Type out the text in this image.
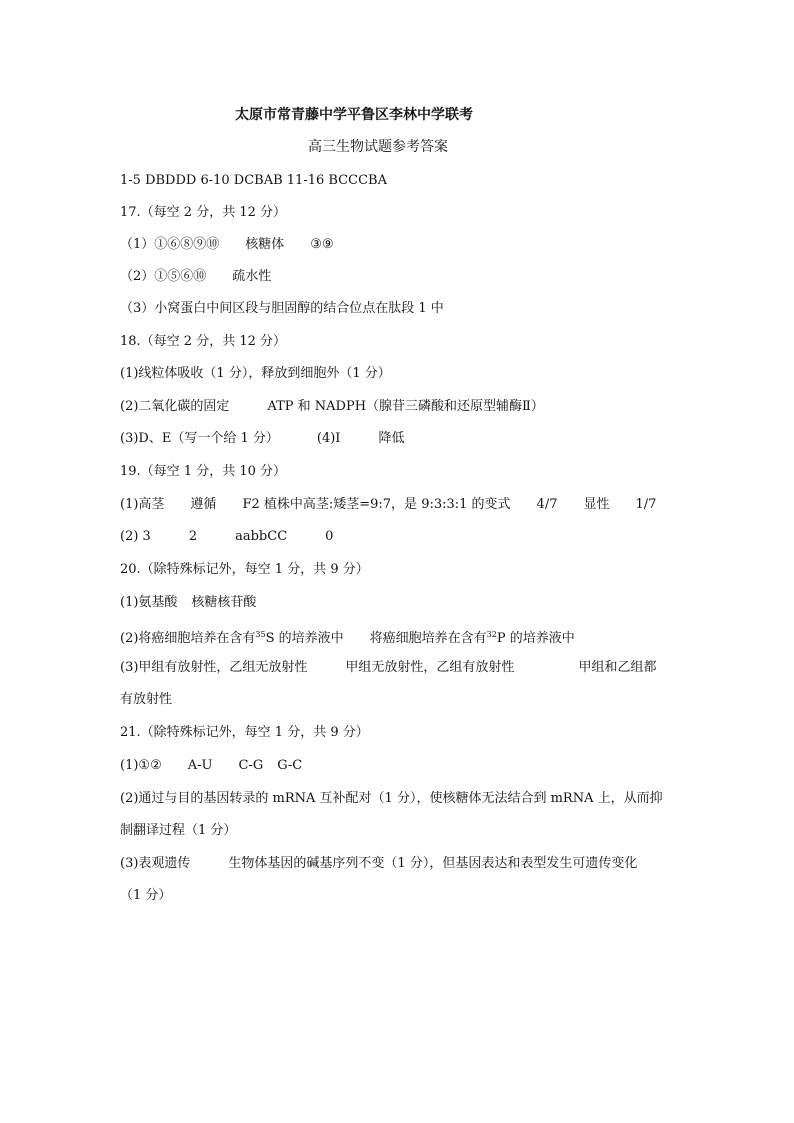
太原市常青藤中学平鲁区李林中学联考
高三生物试题参考答案
1-5 DBDDD 6-10 DCBAB 11-16 BCCCBA
17.（每空 2 分，共 12 分）
（1）①⑥⑧⑨⑩ 核糖体 ③⑨
（2）①⑤⑥⑩ 疏水性
（3）小窝蛋白中间区段与胆固醇的结合位点在肽段 1 中
18.（每空 2 分，共 12 分）
(1)线粒体吸收（1 分），释放到细胞外（1 分）
(2)二氧化碳的固定	ATP 和 NADPH（腺苷三磷酸和还原型辅酶Ⅱ）
(3)D、E（写一个给 1 分）	(4)Ⅰ	降低
19.（每空 1 分，共 10 分）
(1)高茎 遵循 F2 植株中高茎:矮茎=9:7，是 9:3:3:1 的变式 4/7 显性 1/7
(2) 3	2	aabbCC	0
20.（除特殊标记外，每空 1 分，共 9 分）
(1)氨基酸 核糖核苷酸
(2)将癌细胞培养在含有$^{35}$S 的培养液中 将癌细胞培养在含有$^{32}$P 的培养液中
(3)甲组有放射性，乙组无放射性	甲组无放射性，乙组有放射性	甲组和乙组都
有放射性
21.（除特殊标记外，每空 1 分，共 9 分）
(1)①② A-U C-G G-C
(2)通过与目的基因转录的 mRNA 互补配对（1 分），使核糖体无法结合到 mRNA 上，从而抑
制翻译过程（1 分）
(3)表观遗传	生物体基因的碱基序列不变（1 分），但基因表达和表型发生可遗传变化
（1 分）
